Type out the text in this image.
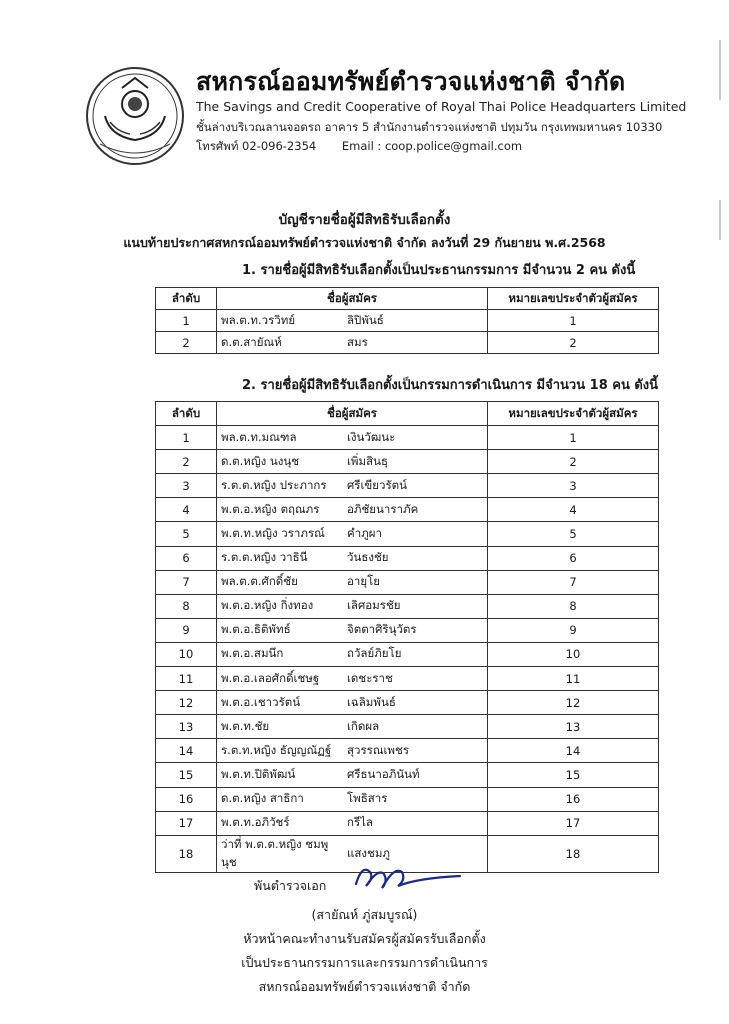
สหกรณ์ออมทรัพย์ตำรวจแห่งชาติ จำกัด
The Savings and Credit Cooperative of Royal Thai Police Headquarters Limited
ชั้นล่างบริเวณลานจอดรถ อาคาร 5 สำนักงานตำรวจแห่งชาติ ปทุมวัน กรุงเทพมหานคร 10330
โทรศัพท์ 02-096-2354 Email : coop.police@gmail.com
บัญชีรายชื่อผู้มีสิทธิรับเลือกตั้ง
แนบท้ายประกาศสหกรณ์ออมทรัพย์ตำรวจแห่งชาติ จำกัด ลงวันที่ 29 กันยายน พ.ศ.2568
1. รายชื่อผู้มีสิทธิรับเลือกตั้งเป็นประธานกรรมการ มีจำนวน 2 คน ดังนี้
ลำดับ	ชื่อผู้สมัคร		หมายเลขประจำตัวผู้สมัคร
1	พล.ต.ท.วรวิทย์	ลิปิพันธ์	1
2	ด.ต.สายัณห์	สมร	2
2. รายชื่อผู้มีสิทธิรับเลือกตั้งเป็นกรรมการดำเนินการ มีจำนวน 18 คน ดังนี้
ลำดับ	ชื่อผู้สมัคร		หมายเลขประจำตัวผู้สมัคร
1	พล.ต.ท.มณฑล	เงินวัฒนะ	1
2	ด.ต.หญิง นงนุช	เพิ่มสินธุ	2
3	ร.ต.ต.หญิง ประภากร	ศรีเขียวรัตน์	3
4	พ.ต.อ.หญิง ตฤณภร	อภิชัยนาราภัค	4
5	พ.ต.ท.หญิง วราภรณ์	คำภูผา	5
6	ร.ต.ต.หญิง วาธินี	วันธงชัย	6
7	พล.ต.ต.ศักดิ์ชัย	อายุโย	7
8	พ.ต.อ.หญิง กิ่งทอง	เลิศอมรชัย	8
9	พ.ต.อ.ธิติพัทธ์	จิตตาศิรินุวัตร	9
10	พ.ต.อ.สมนึก	ถวัลย์ภิยโย	10
11	พ.ต.อ.เลอศักดิ์เชษฐ	เดชะราช	11
12	พ.ต.อ.เชาวรัตน์	เฉลิมพันธ์	12
13	พ.ต.ท.ชัย	เกิดผล	13
14	ร.ต.ท.หญิง ธัญญณัฏฐ์	สุวรรณเพชร	14
15	พ.ต.ท.ปิติพัฒน์	ศรีธนาอภินันท์	15
16	ด.ต.หญิง สาธิกา	โพธิสาร	16
17	พ.ต.ท.อภิวัชร์	กรีไล	17
18	ว่าที่ พ.ต.ต.หญิง ชมพูนุช	แสงชมภู	18
พันตำรวจเอก
(สายัณห์ ภู่สมบูรณ์)
หัวหน้าคณะทำงานรับสมัครผู้สมัครรับเลือกตั้ง
เป็นประธานกรรมการและกรรมการดำเนินการ
สหกรณ์ออมทรัพย์ตำรวจแห่งชาติ จำกัด
